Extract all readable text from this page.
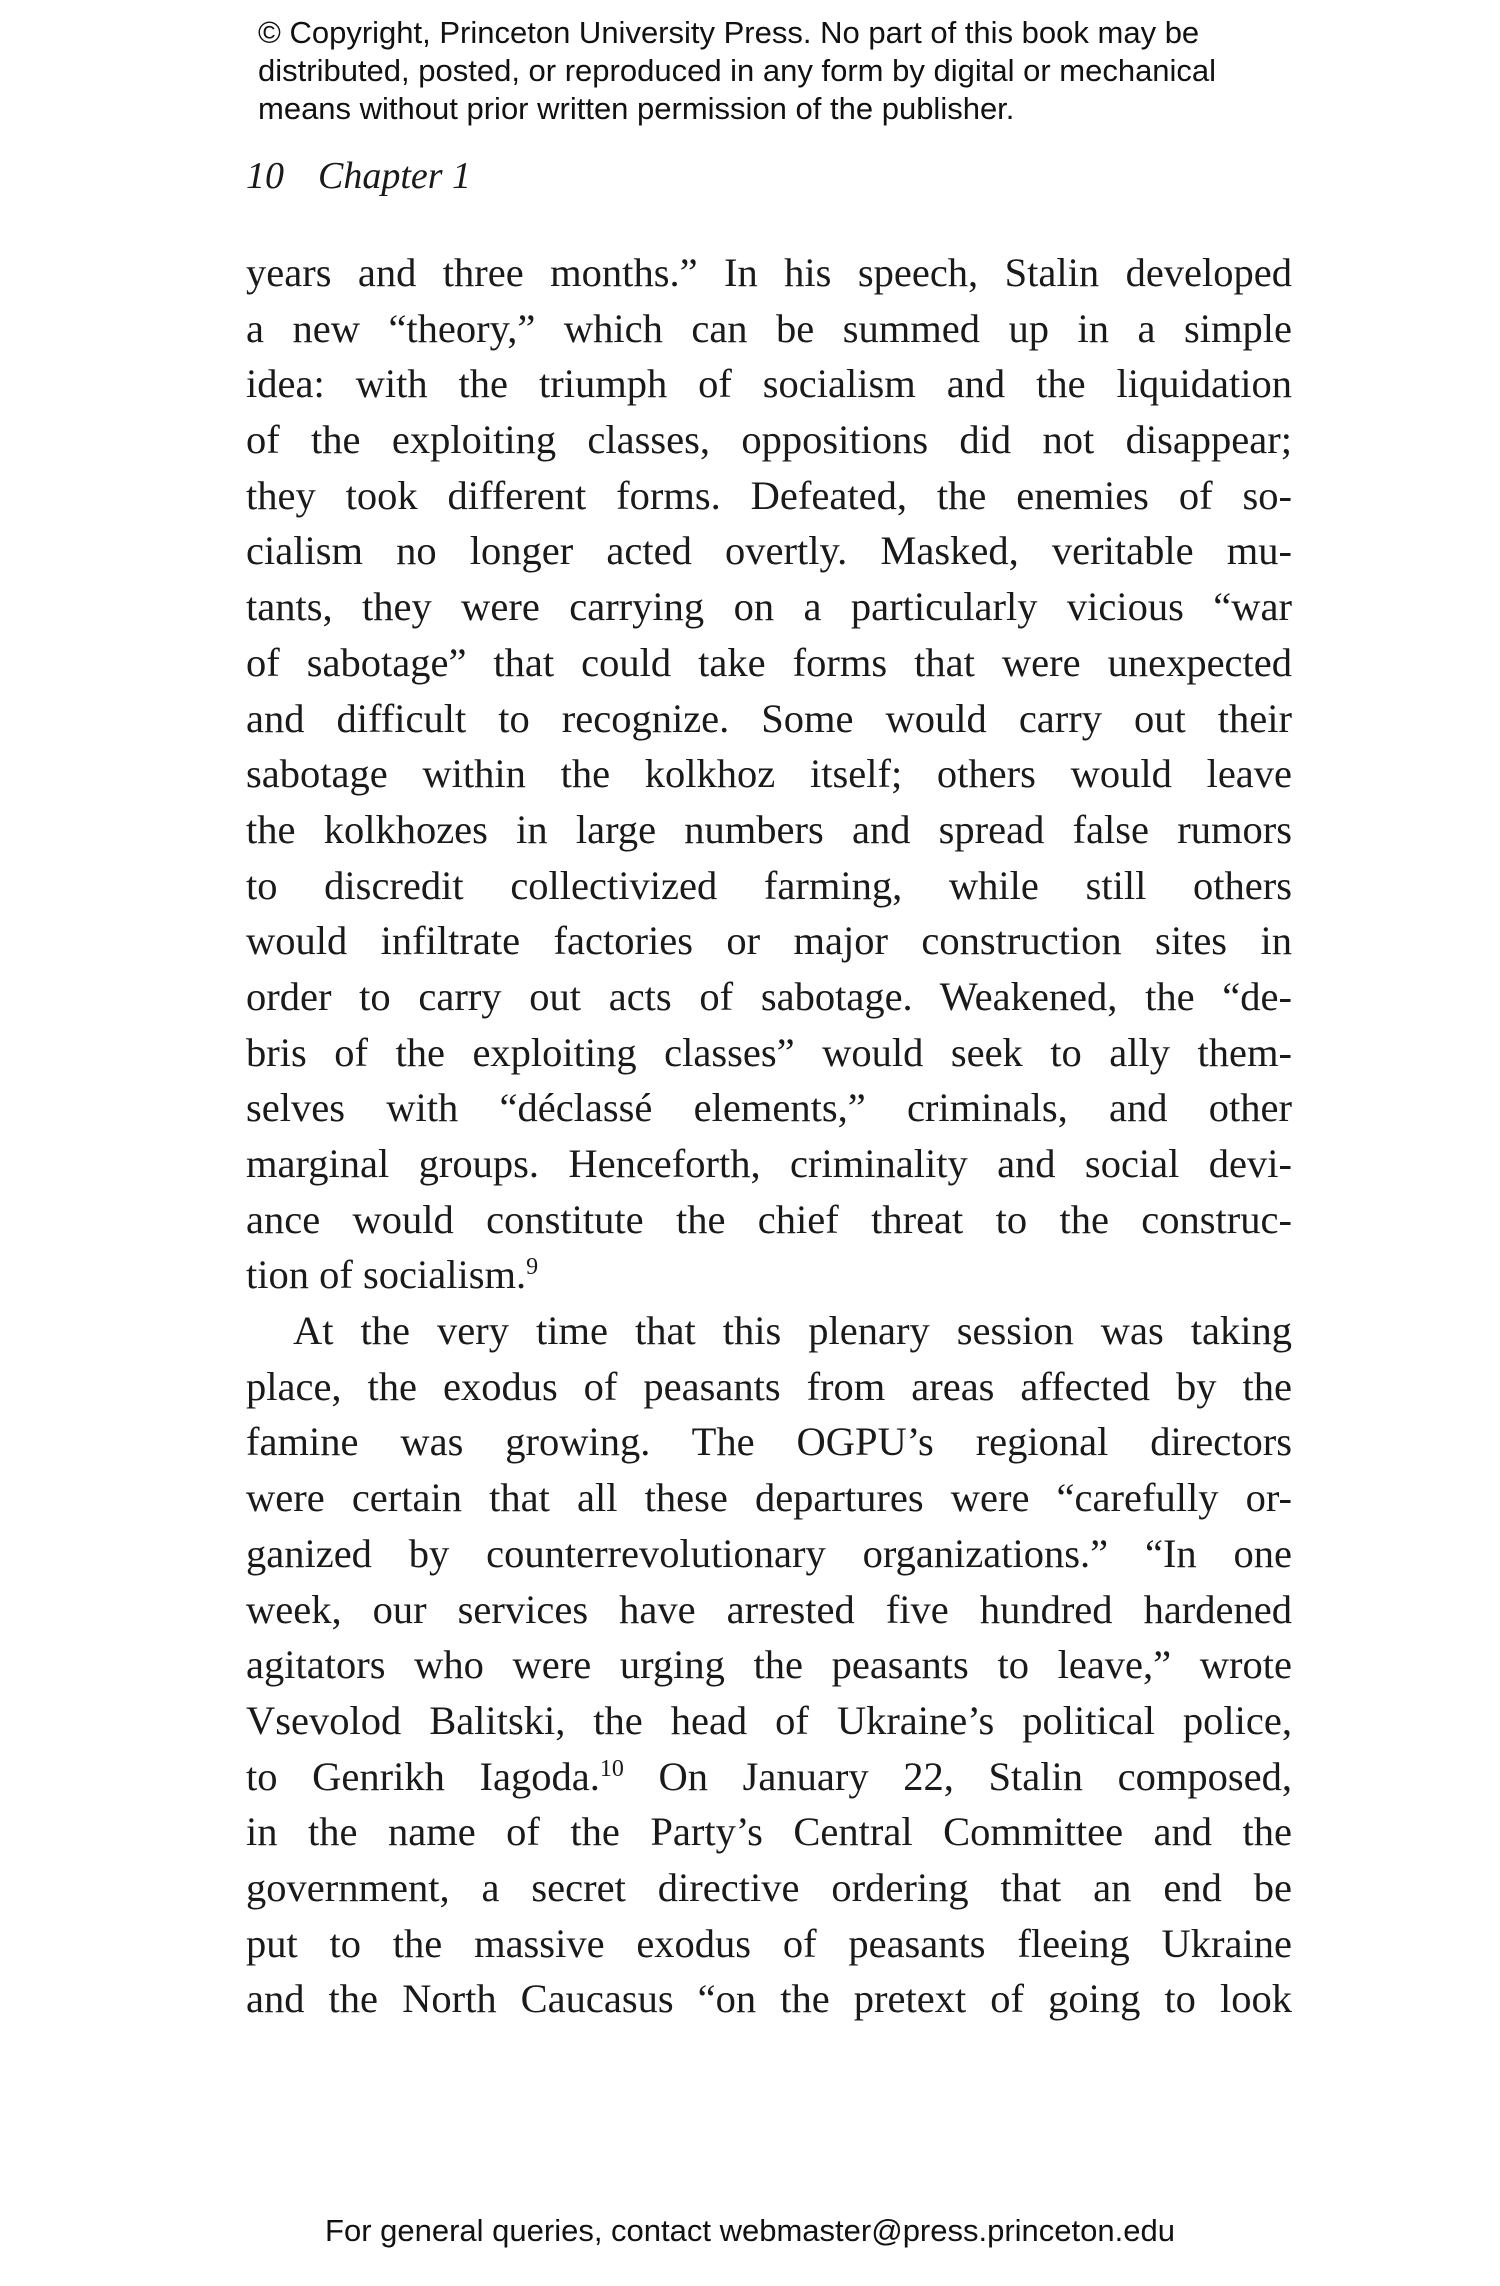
© Copyright, Princeton University Press. No part of this book may be
distributed, posted, or reproduced in any form by digital or mechanical
means without prior written permission of the publisher.
10 Chapter 1
years and three months.” In his speech, Stalin developed
a new “theory,” which can be summed up in a simple
idea: with the triumph of socialism and the liquidation
of the exploiting classes, oppositions did not disappear;
they took different forms. Defeated, the enemies of so-
cialism no longer acted overtly. Masked, veritable mu-
tants, they were carrying on a particularly vicious “war
of sabotage” that could take forms that were unexpected
and difficult to recognize. Some would carry out their
sabotage within the kolkhoz itself; others would leave
the kolkhozes in large numbers and spread false rumors
to discredit collectivized farming, while still others
would infiltrate factories or major construction sites in
order to carry out acts of sabotage. Weakened, the “de-
bris of the exploiting classes” would seek to ally them-
selves with “déclassé elements,” criminals, and other
marginal groups. Henceforth, criminality and social devi-
ance would constitute the chief threat to the construc-
tion of socialism.$^9$
At the very time that this plenary session was taking
place, the exodus of peasants from areas affected by the
famine was growing. The OGPU’s regional directors
were certain that all these departures were “carefully or-
ganized by counterrevolutionary organizations.” “In one
week, our services have arrested five hundred hardened
agitators who were urging the peasants to leave,” wrote
Vsevolod Balitski, the head of Ukraine’s political police,
to Genrikh Iagoda.$^{10}$ On January 22, Stalin composed,
in the name of the Party’s Central Committee and the
government, a secret directive ordering that an end be
put to the massive exodus of peasants fleeing Ukraine
and the North Caucasus “on the pretext of going to look
For general queries, contact webmaster@press.princeton.edu
